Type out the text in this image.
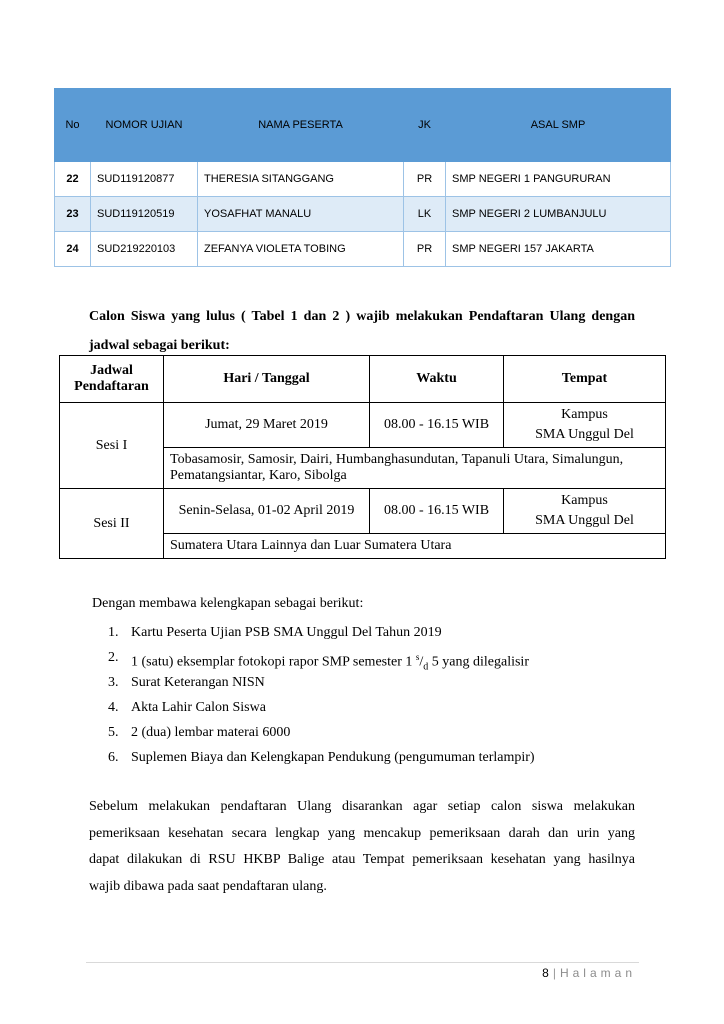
No	NOMOR UJIAN	NAMA PESERTA	JK	ASAL SMP
22	SUD119120877	THERESIA SITANGGANG	PR	SMP NEGERI 1 PANGURURAN
23	SUD119120519	YOSAFHAT MANALU	LK	SMP NEGERI 2 LUMBANJULU
24	SUD219220103	ZEFANYA VIOLETA TOBING	PR	SMP NEGERI 157 JAKARTA
Calon Siswa yang lulus ( Tabel 1 dan 2 ) wajib melakukan Pendaftaran Ulang dengan
jadwal sebagai berikut:
Jadwal
Pendaftaran	Hari / Tanggal	Waktu	Tempat
Sesi I	Jumat, 29 Maret 2019	08.00 - 16.15 WIB	Kampus
SMA Unggul Del
	Tobasamosir, Samosir, Dairi, Humbanghasundutan, Tapanuli Utara, Simalungun, Pematangsiantar, Karo, Sibolga		
Sesi II	Senin-Selasa, 01-02 April 2019	08.00 - 16.15 WIB	Kampus
SMA Unggul Del
	Sumatera Utara Lainnya dan Luar Sumatera Utara		
Dengan membawa kelengkapan sebagai berikut:
1. Kartu Peserta Ujian PSB SMA Unggul Del Tahun 2019
2. 1 (satu) eksemplar fotokopi rapor SMP semester 1 $^s/_d$ 5 yang dilegalisir
3. Surat Keterangan NISN
4. Akta Lahir Calon Siswa
5. 2 (dua) lembar materai 6000
6. Suplemen Biaya dan Kelengkapan Pendukung (pengumuman terlampir)
Sebelum melakukan pendaftaran Ulang disarankan agar setiap calon siswa melakukan
pemeriksaan kesehatan secara lengkap yang mencakup pemeriksaan darah dan urin yang
dapat dilakukan di RSU HKBP Balige atau Tempat pemeriksaan kesehatan yang hasilnya
wajib dibawa pada saat pendaftaran ulang.
8 | Halaman
